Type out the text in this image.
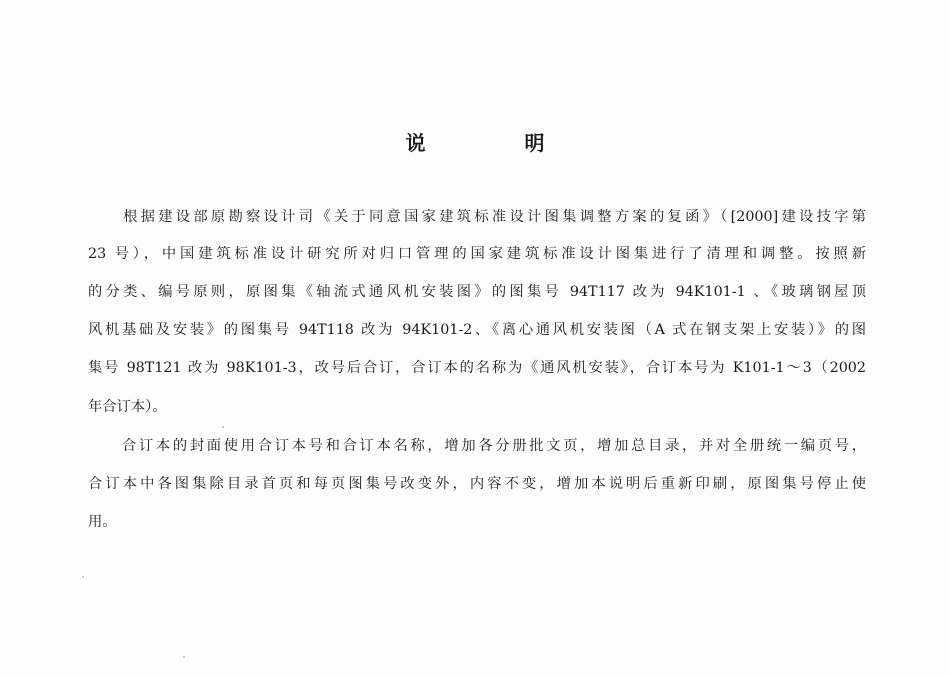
说 明
　　根据建设部原勘察设计司《关于同意国家建筑标准设计图集调整方案的复函》（[2000]建设技字第
23 号），中国建筑标准设计研究所对归口管理的国家建筑标准设计图集进行了清理和调整。按照新
的分类、编号原则，原图集《轴流式通风机安装图》的图集号 94T117 改为 94K101-1 、《玻璃钢屋顶
风机基础及安装》的图集号 94T118 改为 94K101-2、《离心通风机安装图（A 式在钢支架上安装）》的图
集号 98T121 改为 98K101-3，改号后合订，合订本的名称为《通风机安装》，合订本号为 K101-1～3（2002
年合订本）。
　　合订本的封面使用合订本号和合订本名称，增加各分册批文页，增加总目录，并对全册统一编页号，
合订本中各图集除目录首页和每页图集号改变外，内容不变，增加本说明后重新印刷，原图集号停止使
用。
